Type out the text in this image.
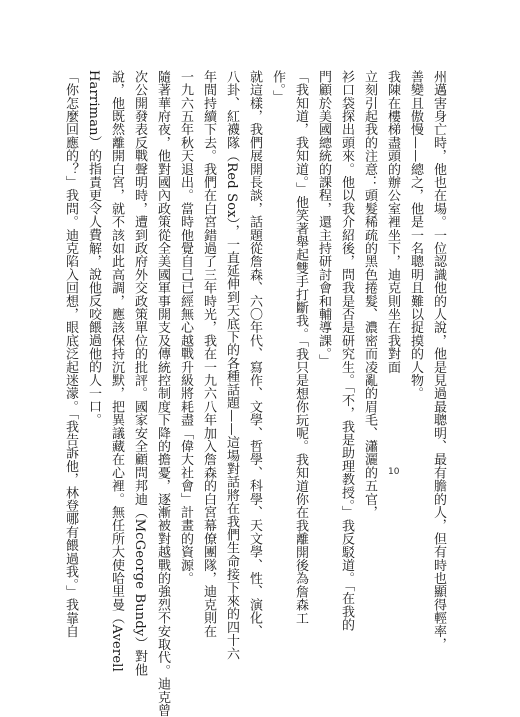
州邁害身亡時，他也在場。一位認識他的人說，他是見過最聰明、最有膽的人，但有時也顯得輕率，

善變且傲慢——總之，他是一名聰明且難以捉摸的人物。

我陳在樓梯盡頭的辦公室裡坐下，迪克則坐在我對面

立刻引起我的注意：頭髮稀疏的黑色捲髮、濃密而凌亂的眉毛、瀟灑的五官，

衫口袋探出頭來。他以我介紹後，問我是否是研究生。「不，我是助理教授。」我反駁道。「在我的

門顧於美國總統的課程，還主持研討會和輔導課。」

「我知道，我知道。」他笑著舉起雙手打斷我。「我只是想你玩呢。我知道你在我離開後為詹森工

作。」

就這樣，我們展開長談，話題從詹森、六〇年代、寫作、文學、哲學、科學、天文學、性、演化、

八卦、紅襪隊（Red Sox），一直延伸到天底下的各種話題——這場對話將在我們生命接下來的四十六

年間持續下去。我們在白宮錯過了三年時光，我在一九六八年加入詹森的白宮幕僚團隊，迪克則在

一九六五年秋天退出。當時他覺自己已經無心越戰升級將耗盡「偉大社會」計畫的資源。

隨著華府夜，他對國內政策從全美國軍事開支及傳統控制度下降的擔憂，逐漸被對越戰的強烈不安取代。迪克曾

次公開發表反戰聲明時，遭到政府外交政策單位的批評。國家安全顧問邦迪（McGeorge Bundy）對他

說，他既然離開白宮，就不該如此高調，應該保持沉默，把異議藏在心裡。無任所大使哈里曼（Averell

Harriman）的指責更令人費解，說他反咬餵過他的人一口。

「你怎麼回應的？」我問。迪克陷入回想，眼底泛起迷濛。「我告訴他，林登哪有餵過我。」我靠自	10
